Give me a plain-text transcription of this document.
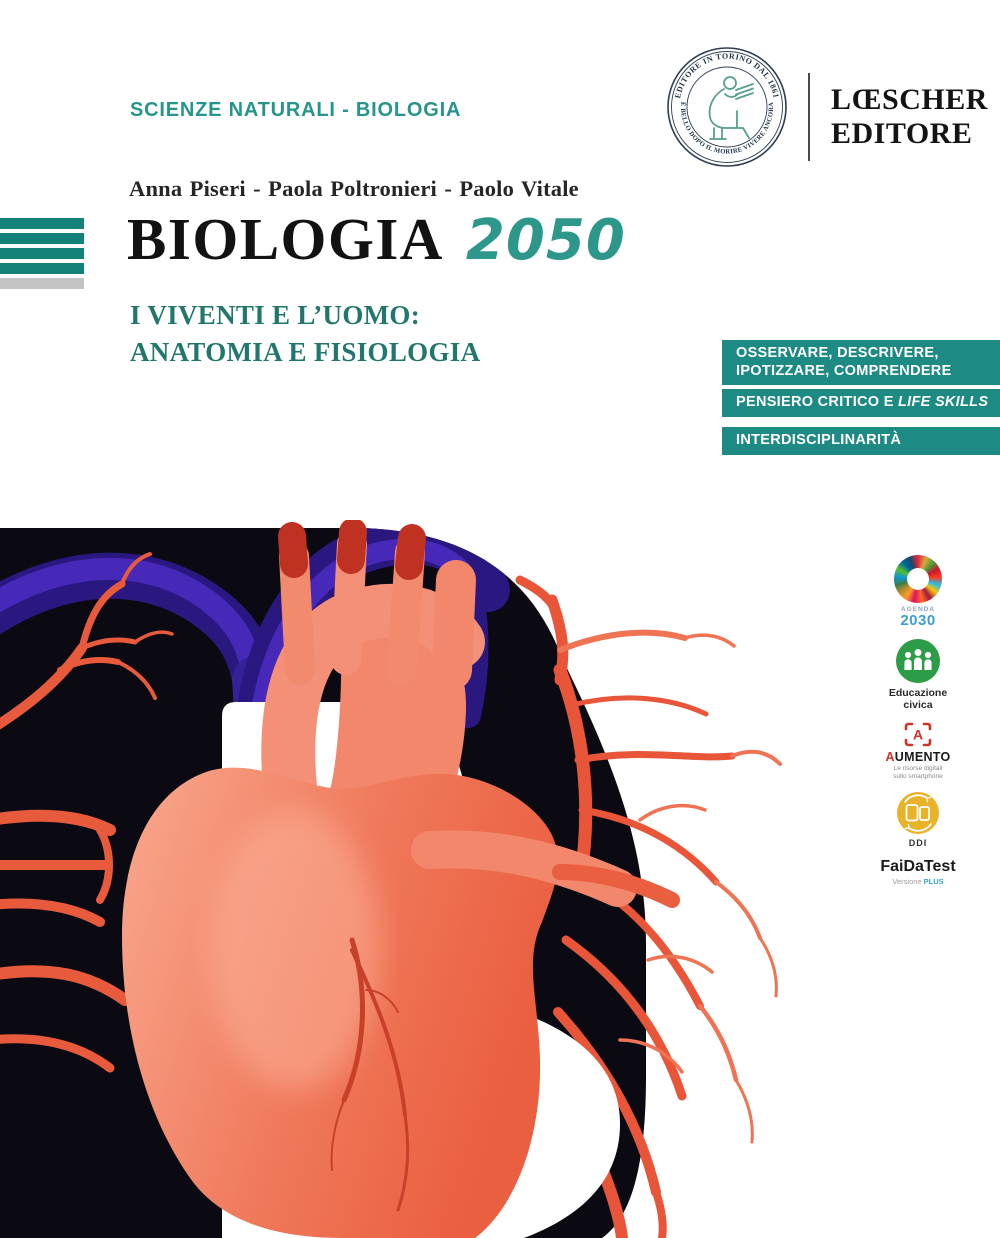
SCIENZE NATURALI - BIOLOGIA
EDITORE IN TORINO DAL 1861
È BELLO DOPO IL MORIRE VIVERE ANCORA LŒSCHER
EDITORE
Anna Piseri - Paola Poltronieri - Paolo Vitale
BIOLOGIA 2050
I VIVENTI E L’UOMO:
ANATOMIA E FISIOLOGIA	OSSERVARE, DESCRIVERE,
IPOTIZZARE, COMPRENDERE
PENSIERO CRITICO E LIFE SKILLS
INTERDISCIPLINARITÀ
AGENDA
2030
Educazione
civica
A
AUMENTO
Le risorse digitali
sullo smartphone
DDI
FaiDaTest
Versione PLUS
